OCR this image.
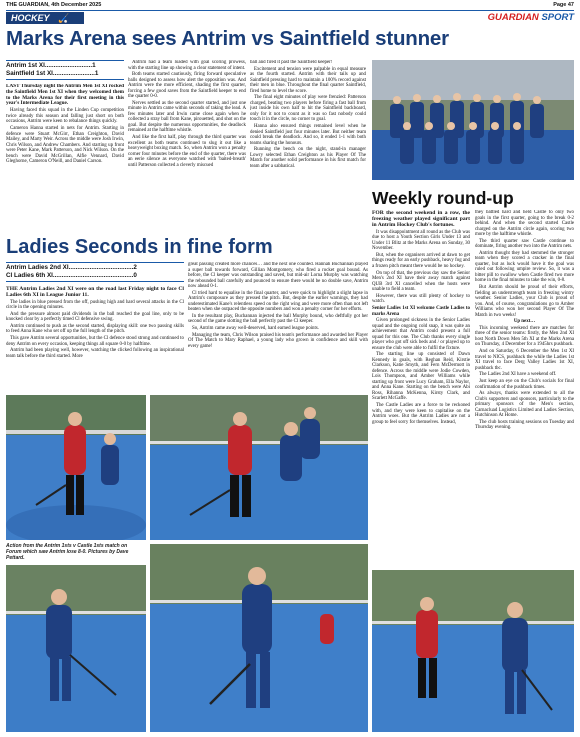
THE GUARDIAN, 4th December 2025	Page 47
HOCKEY 🏑	GUARDIAN SPORT
Marks Arena sees Antrim vs Saintfield stunner
Antrim 1st XI...........................1
Saintfield 1st XI........................1

LAST Thursday night the Antrim Men 1st XI rocked the Saintfield Men 1st XI when they welcomed them to the Marks Arena for their first meeting in this year's Intermediate League.

Having faced this squad in the Linden Cup competition twice already this season and falling just short on both occasions, Antrim were keen to rebalance things quickly.

Cameron Hanna started in nets for Antrim. Starting in defence were Stuart McGirr, Ethan Creighton, David Mailey, and Marty Weir. Across the middle were Josh Irwin, Chris Wilson, and Andrew Chambers. And starting up front were Peter Kane, Mark Patterson, and Nick Wilson. On the bench were David McGrillan, Alfie Vennard, David Gleghorne, Cameron O'Neill, and Daniel Carson.

Antrim had a team loaded with goal scoring prowess, with the starting line up showing a clear statement of intent.

Both teams started cautiously, firing forward speculative balls designed to assess how alert the opposition was. And Antrim were the more efficient, shading the first quarter, forcing a few good saves from the Saintfield keeper to end the quarter 0-0.

Nerves settled as the second quarter started, and just one minute in Antrim came within seconds of taking the lead. A few minutes later and Irwin came close again when he collected a stray ball from Kane, pirouetted, and shot on the goal. But despite the numerous opportunities, the deadlock remained at the halftime whistle.

And like the first half, play through the third quarter was excellent as both teams continued to slug it out like a heavyweight boxing match. So, when Antrim won a penalty corner four minutes before the end of the quarter, there was an eerie silence as everyone watched with 'baited-breath' until Patterson collected a cleverly miscued

ball and fired it past the Saintfield keeper!

Excitement and tension were palpable in equal measure as the fourth started. Antrim with their tails up and Saintfield pressing hard to maintain a 100% record against their men in blue. Throughout the final quarter Saintfield, fired home to level the score.

The final eight minutes of play were frenzied: Patterson charged, beating two players before firing a fast ball from just inside his own half to hit the Saintfield backboard, only for it not to count as it was so fast nobody could touch it in the circle, no corner to goal.

Hanna also ensured things remained level when he denied Saintfield just four minutes later. But neither team could break the deadlock. And so, it ended 1-1 with both teams sharing the honours.

Running the bench on the night, stand-in manager Lowry selected Ethan Creighton as his Player Of The Match for another solid performance in his first match for team after a sabbatical.

Weekly round-up
Ladies Seconds in fine form
Antrim Ladies 2nd XI.....................................2
Cl Ladies 6th XI..............................................0

THE Antrim Ladies 2nd XI were on the road last Friday night to face Cl Ladies 6th XI in League Junior 11.

The ladies in blue pressed from the off, pushing high and hard several attacks in the Cl circle in the opening minutes.

And the pressure almost paid dividends in the ball reached the goal line, only to be knocked clear by a perfectly timed Cl defensive swing.

Antrim continued to push as the second started, displaying skill: one two passing skills to feed Anna Kane who set off up the full length of the pitch.

This gave Antrim several opportunities, but the Cl defence stood strong and continued to deny Antrim on every occasion, keeping things all square 0-0 by halftime.

Antrim had been playing well, however, watching the clicked following an inspirational team talk before the third started. More

great passing created more chances… and the next one counted. Hannah Buchannan played a super ball towards forward, Gillian Montgomery, who fired a rocket goal bound. As before, the Cl keeper was outstanding and saved, but mid-air Lorna Murphy was watching the rebounded ball carefully and pounced to ensure there would be no double save, Antrim now ahead 0-1.

Cl tried hard to equalise in the final quarter, and were quick to highlight a slight lapse in Antrim's composure as they pressed the pitch. But, despite the earlier warnings, they had underestimated Kane's relentless speed on the right wing and were more often than not left beaten when she outpaced the opposite numbers and won a penalty corner for her efforts.

In the resultant play, Buchannan injected the ball Murphy bound, who deftfully got her second of the game slotting the ball perfectly past the Cl keeper.

So, Antrim came away well-deserved, hard earned league points.

Managing the team, Chris Wilson praised his team's performance and awarded her Player Of The Match to Mary Raphael, a young lady who grown in confidence and skill with every game!

FOR the second weekend in a row, the freezing weather played significant part in Antrim Hockey Club's fortunes.

It was disappointment all round as the Club was due to host a Youth Section Girls Under 13 and Under 11 Blitz at the Marks Arena on Sunday, 30 November.

But, when the organisers arrived at dawn to get things ready for an early pushback, heavy fog and a frozen pitch meant there would be no hockey.

On top of that, the previous day saw the Senior Men's 2nd XI have their away match against QUB 3rd XI cancelled when the hosts were unable to field a team.

However, there was still plenty of hockey to watch.

Senior Ladies 1st XI welcome Castle Ladies to marks Arena

Given prolonged sickness in the Senior Ladies squad and the ongoing cold snap, it was quite an achievement that Antrim could present a full squad for this one. The Club thanks every single player who got off sick beds and / or played up to ensure the club were able to fulfil the fixture.

The starting line up consisted of Dawn Kennedy in goals, with Reghan Reid, Kirstie Clarkson, Katie Smyth, and Fern McDermott in defence. Across the middle were Jodie Cowden, Lois Thompson, and Amber Williams while starting up front were Lucy Graham, Ella Naylor, and Anna Kane. Starting on the bench were Abi Ross, Rihanna McKenna, Kirsty Clark, and Scarlett McGaffe.

The Castle Ladies are a force to be reckoned with, and they were keen to capitalise on the Antrim woes. But the Antrim Ladies are not a group to feel sorry for themselves. Instead,

they battled hard and held Castle to only two goals in the first quarter, going to the break 0-2 behind. And when the second started Castle charged on the Antrim circle again, scoring two more by the halftime whistle.

The third quarter saw Castle continue to dominate, firing another two into the Antrim nets.

Antrim thought they had stemmed the stronger team when they scored a cracker in the final quarter, but as luck would have it the goal was ruled out following umpire review. So, it was a bitter pill to swallow when Castle fired two more home in the final minutes to take the win, 0-8.

But Antrim should be proud of their efforts, fielding an understrength team in freezing wintry weather. Senior Ladies, your Club is proud of you. And, of course, congratulations go to Amber Williams who won her second Player Of The Match in two weeks!

Up next…

This incoming weekend there are matches for three of the senior teams: firstly, the Men 2nd XI host North Down Men 5th XI at the Marks Arena on Thursday, 4 December for a 1945hrs pushback.

And on Saturday, 6 December the Men 1st XI travel to NICS, pushback the while the Ladies 1st XI travel to face Derg Valley Ladies 1st XI, pushback tbc.

The Ladies 2nd XI have a weekend off.

Just keep an eye on the Club's socials for final confirmation of the pushback times.

As always, thanks were extended to all the Club's supporters and sponsors, particularly to the primary sponsors of the Men's section, Carnacluad Logistics Limited and Ladies Section, Hutchinson At Home.

The club hosts training sessions on Tuesday and Thursday evening.

Action from the Antrim 1sts v Castle 1sts match on Forum which saw Antrim lose 8-0. Pictures by Dave Pettard.
